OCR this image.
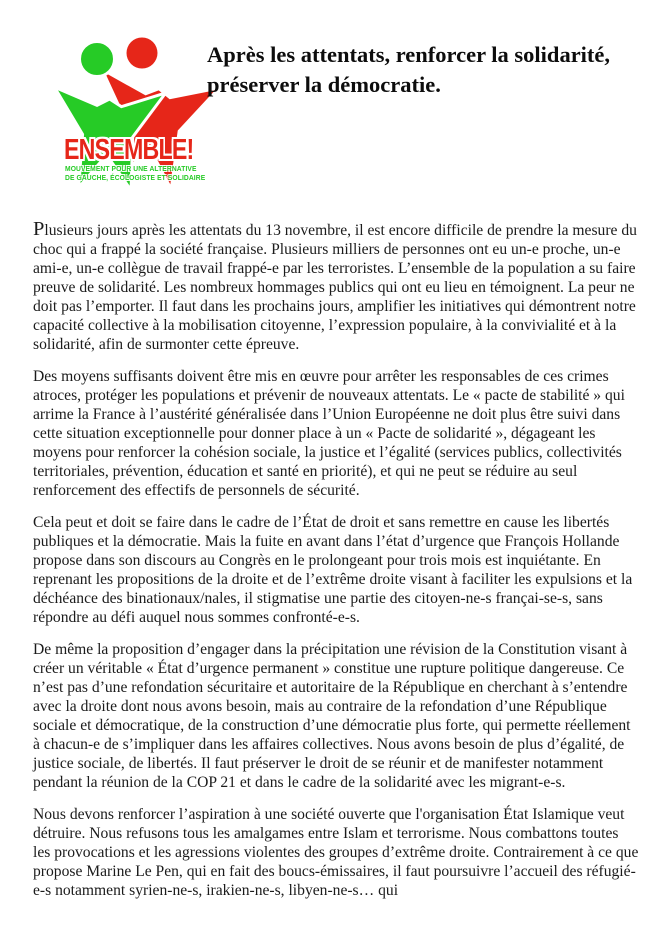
ENSEMBLE!
MOUVEMENT POUR UNE ALTERNATIVE
DE GAUCHE, ÉCOLOGISTE ET SOLIDAIRE
Après les attentats, renforcer la solidarité, préserver la démocratie.

Plusieurs jours après les attentats du 13 novembre, il est encore difficile de prendre la mesure du choc qui a frappé la société française. Plusieurs milliers de personnes ont eu un-e proche, un-e ami-e, un-e collègue de travail frappé-e par les terroristes. L’ensemble de la population a su faire preuve de solidarité. Les nombreux hommages publics qui ont eu lieu en témoignent. La peur ne doit pas l’emporter. Il faut dans les prochains jours, amplifier les initiatives qui démontrent notre capacité collective à la mobilisation citoyenne, l’expression populaire, à la convivialité et à la solidarité, afin de surmonter cette épreuve.

Des moyens suffisants doivent être mis en œuvre pour arrêter les responsables de ces crimes atroces, protéger les populations et prévenir de nouveaux attentats. Le « pacte de stabilité » qui arrime la France à l’austérité généralisée dans l’Union Européenne ne doit plus être suivi dans cette situation exceptionnelle pour donner place à un « Pacte de solidarité », dégageant les moyens pour renforcer la cohésion sociale, la justice et l’égalité (services publics, collectivités territoriales, prévention, éducation et santé en priorité), et qui ne peut se réduire au seul renforcement des effectifs de personnels de sécurité.

Cela peut et doit se faire dans le cadre de l’État de droit et sans remettre en cause les libertés publiques et la démocratie. Mais la fuite en avant dans l’état d’urgence que François Hollande propose dans son discours au Congrès en le prolongeant pour trois mois est inquiétante. En reprenant les propositions de la droite et de l’extrême droite visant à faciliter les expulsions et la déchéance des binationaux/nales, il stigmatise une partie des citoyen-ne-s françai-se-s, sans répondre au défi auquel nous sommes confronté-e-s.

De même la proposition d’engager dans la précipitation une révision de la Constitution visant à créer un véritable « État d’urgence permanent » constitue une rupture politique dangereuse. Ce n’est pas d’une refondation sécuritaire et autoritaire de la République en cherchant à s’entendre avec la droite dont nous avons besoin, mais au contraire de la refondation d’une République sociale et démocratique, de la construction d’une démocratie plus forte, qui permette réellement à chacun-e de s’impliquer dans les affaires collectives. Nous avons besoin de plus d’égalité, de justice sociale, de libertés. Il faut préserver le droit de se réunir et de manifester notamment pendant la réunion de la COP 21 et dans le cadre de la solidarité avec les migrant-e-s.

Nous devons renforcer l’aspiration à une société ouverte que l'organisation État Islamique veut détruire. Nous refusons tous les amalgames entre Islam et terrorisme. Nous combattons toutes les provocations et les agressions violentes des groupes d’extrême droite. Contrairement à ce que propose Marine Le Pen, qui en fait des boucs-émissaires, il faut poursuivre l’accueil des réfugié-e-s notamment syrien-ne-s, irakien-ne-s, libyen-ne-s… qui
